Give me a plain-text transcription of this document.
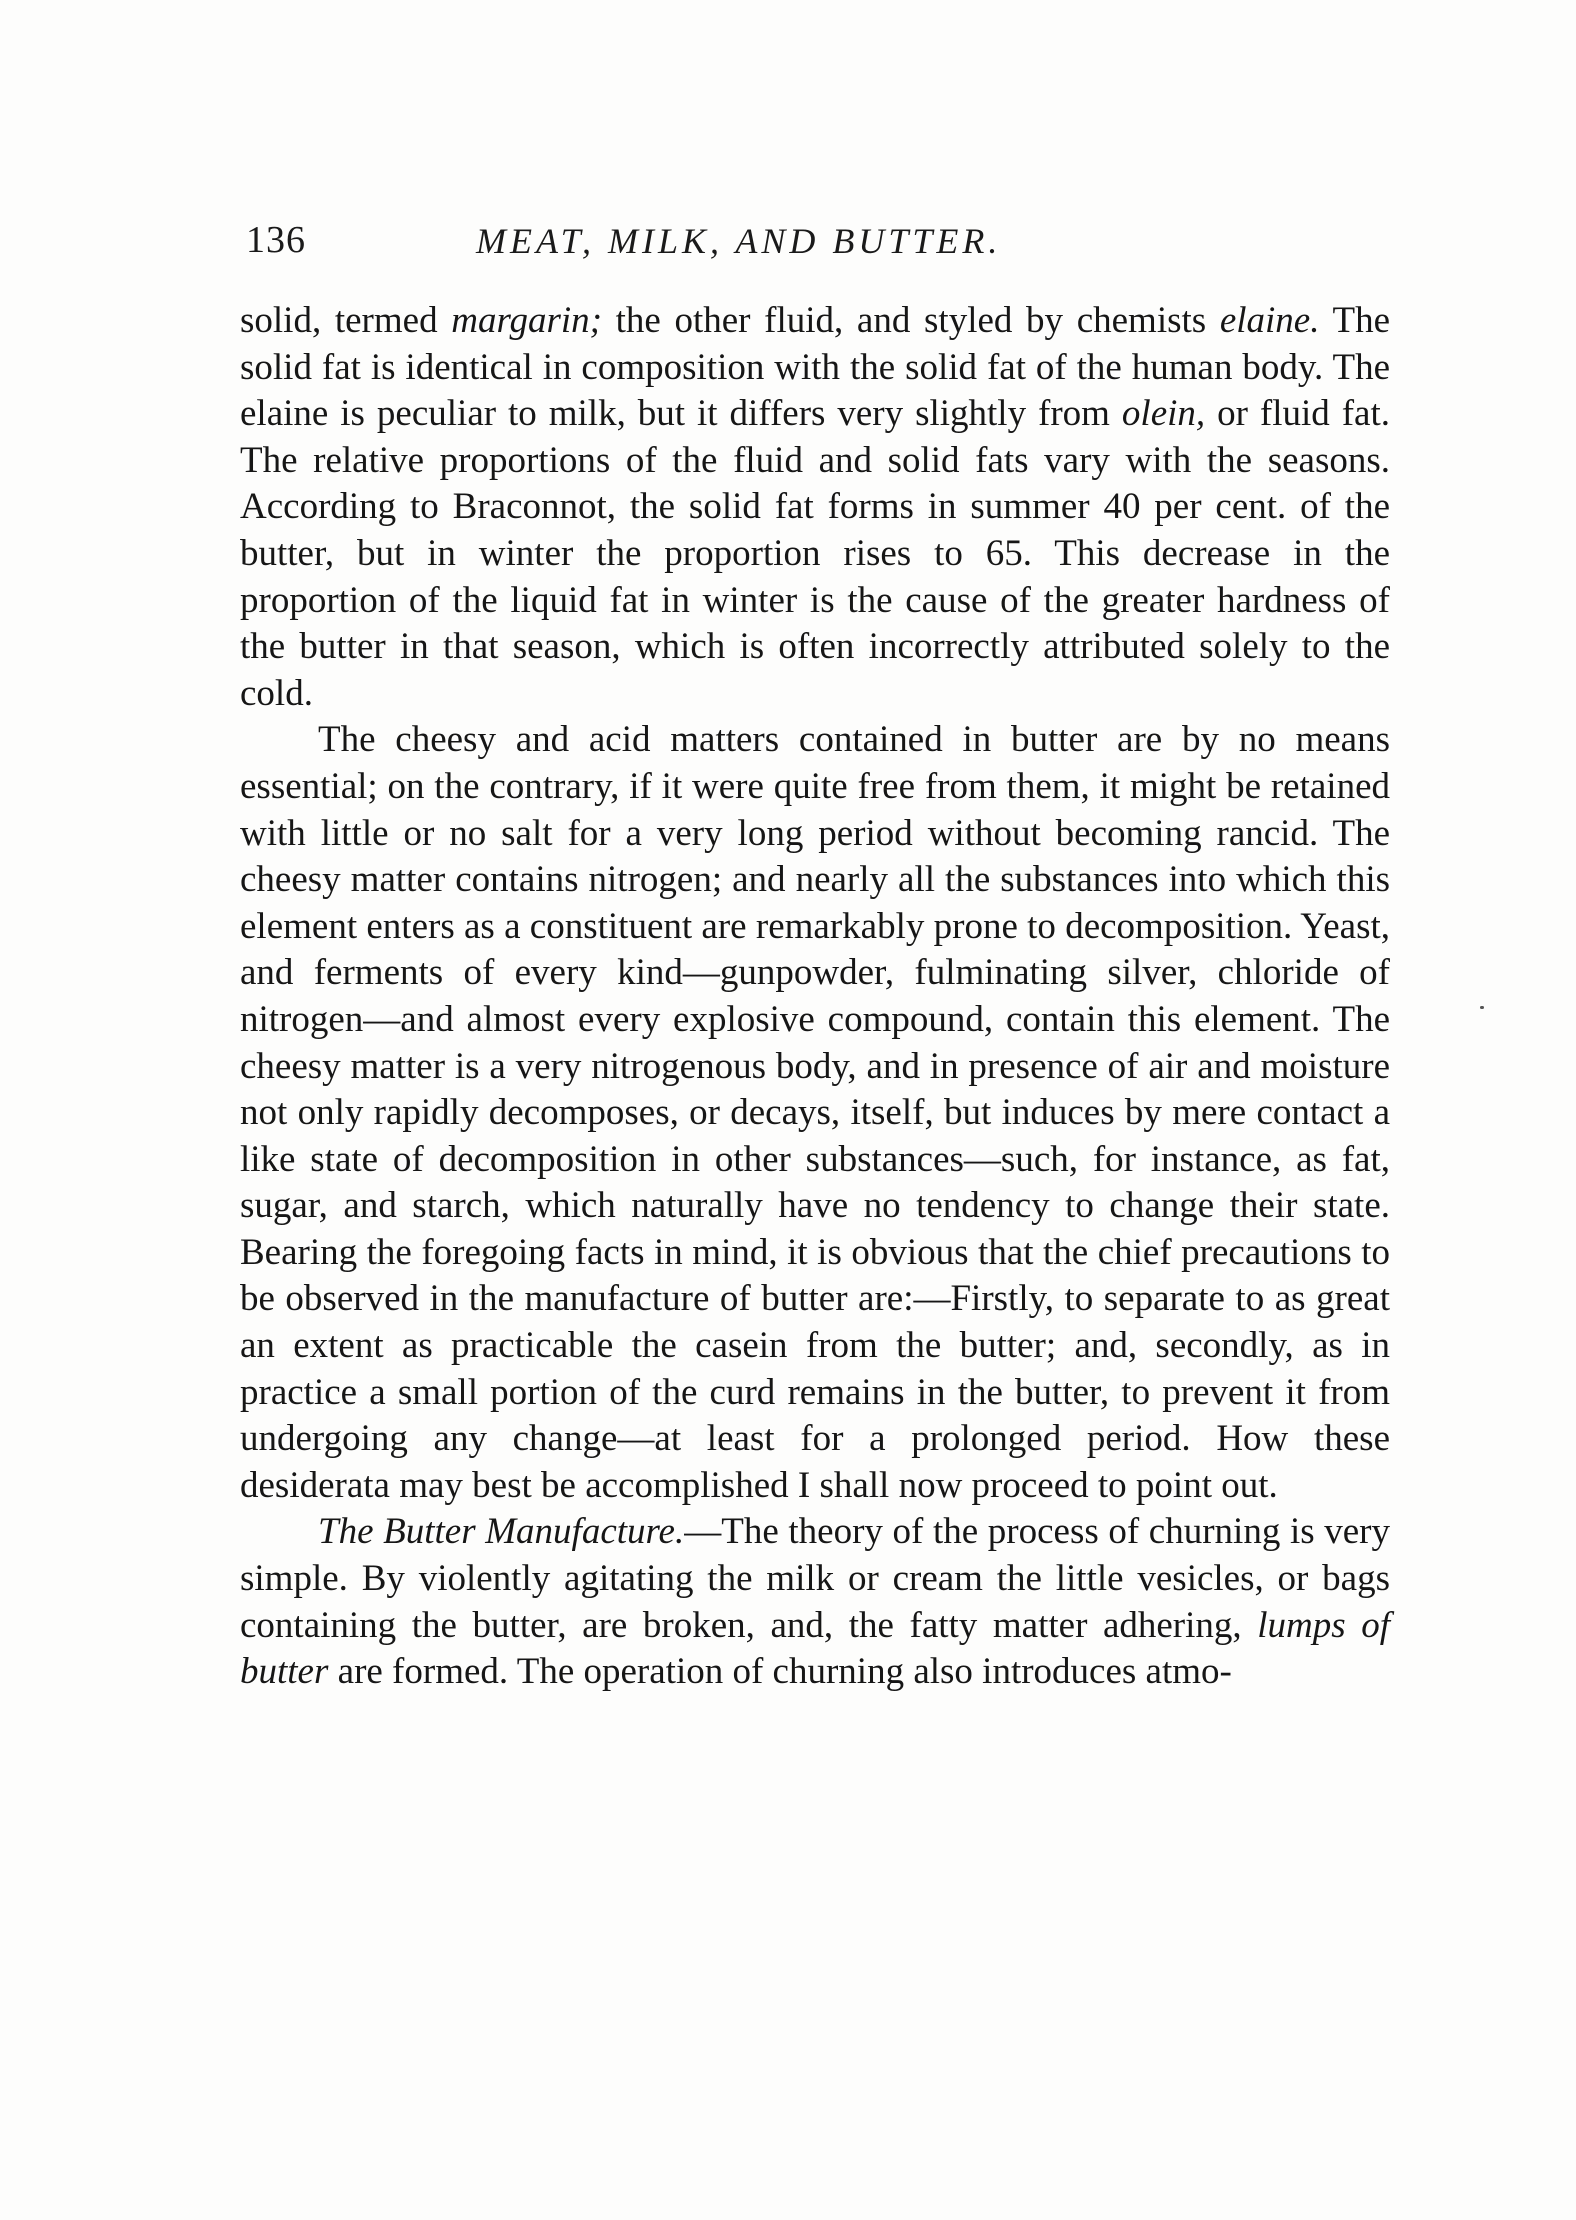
136	MEAT, MILK, AND BUTTER.

solid, termed margarin; the other fluid, and styled by chemists elaine. The solid fat is identical in composition with the solid fat of the human body. The elaine is peculiar to milk, but it differs very slightly from olein, or fluid fat. The relative proportions of the fluid and solid fats vary with the seasons. According to Braconnot, the solid fat forms in summer 40 per cent. of the butter, but in winter the proportion rises to 65. This decrease in the proportion of the liquid fat in winter is the cause of the greater hardness of the butter in that season, which is often incorrectly attributed solely to the cold.

The cheesy and acid matters contained in butter are by no means essential; on the contrary, if it were quite free from them, it might be retained with little or no salt for a very long period without becoming rancid. The cheesy matter contains nitrogen; and nearly all the substances into which this element enters as a constituent are remarkably prone to decomposition. Yeast, and ferments of every kind—gunpowder, fulminating silver, chloride of nitrogen—and almost every explosive compound, contain this element. The cheesy matter is a very nitrogenous body, and in presence of air and moisture not only rapidly decomposes, or decays, itself, but induces by mere contact a like state of decomposition in other substances—such, for instance, as fat, sugar, and starch, which naturally have no tendency to change their state. Bearing the foregoing facts in mind, it is obvious that the chief precautions to be observed in the manufacture of butter are:—Firstly, to separate to as great an extent as practicable the casein from the butter; and, secondly, as in practice a small portion of the curd remains in the butter, to prevent it from undergoing any change—at least for a prolonged period. How these desiderata may best be accomplished I shall now proceed to point out.

The Butter Manufacture.—The theory of the process of churning is very simple. By violently agitating the milk or cream the little vesicles, or bags containing the butter, are broken, and, the fatty matter adhering, lumps of butter are formed. The operation of churning also introduces atmo-
